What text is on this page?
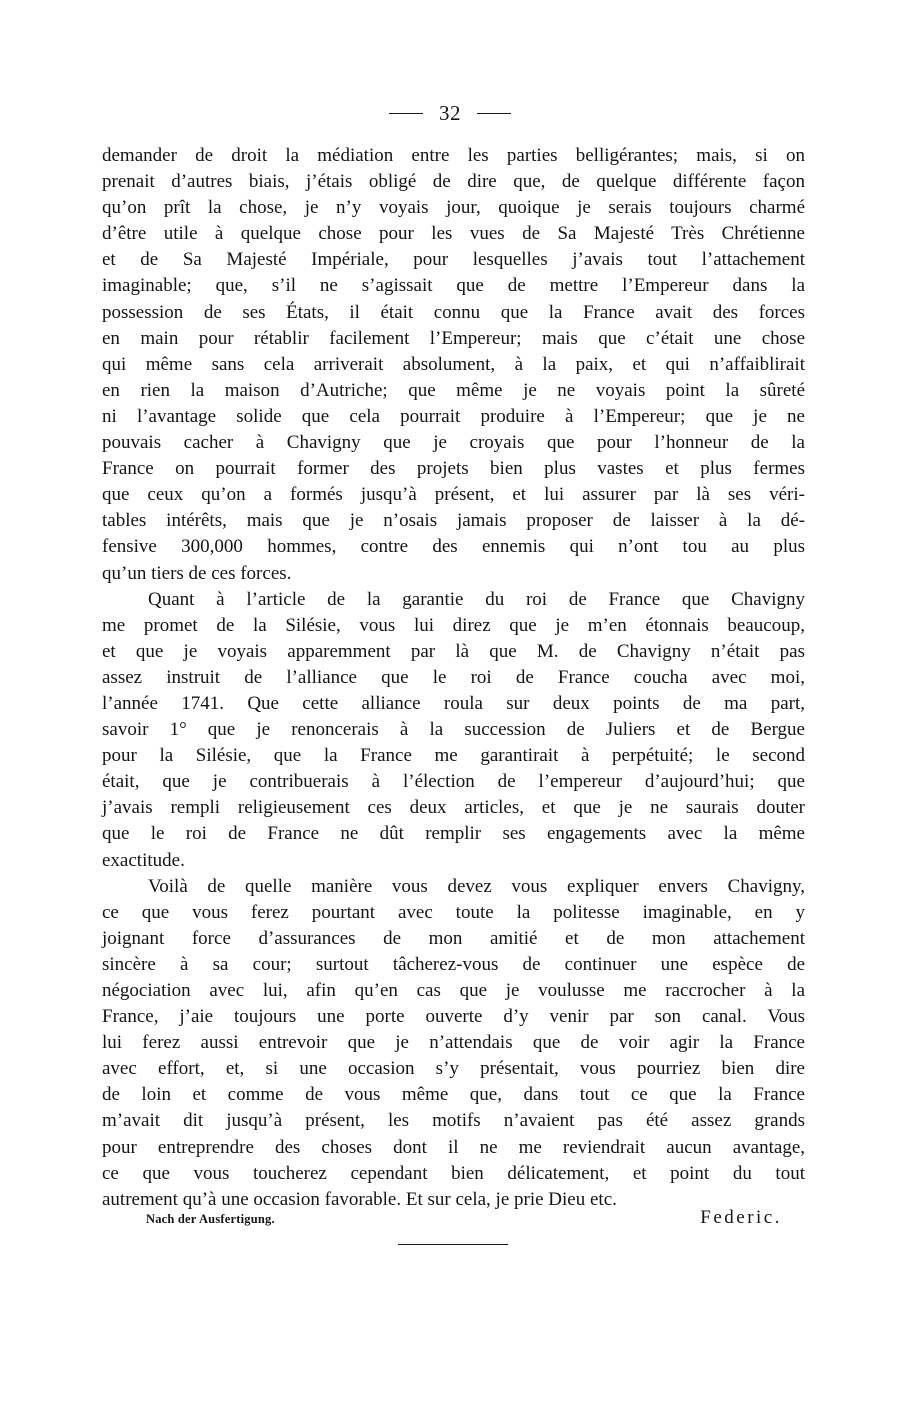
32
demander de droit la médiation entre les parties belligérantes; mais, si on
prenait d’autres biais, j’étais obligé de dire que, de quelque différente façon
qu’on prît la chose, je n’y voyais jour, quoique je serais toujours charmé
d’être utile à quelque chose pour les vues de Sa Majesté Très Chrétienne
et de Sa Majesté Impériale, pour lesquelles j’avais tout l’attachement
imaginable; que, s’il ne s’agissait que de mettre l’Empereur dans la
possession de ses États, il était connu que la France avait des forces
en main pour rétablir facilement l’Empereur; mais que c’était une chose
qui même sans cela arriverait absolument, à la paix, et qui n’affaiblirait
en rien la maison d’Autriche; que même je ne voyais point la sûreté
ni l’avantage solide que cela pourrait produire à l’Empereur; que je ne
pouvais cacher à Chavigny que je croyais que pour l’honneur de la
France on pourrait former des projets bien plus vastes et plus fermes
que ceux qu’on a formés jusqu’à présent, et lui assurer par là ses véri-
tables intérêts, mais que je n’osais jamais proposer de laisser à la dé-
fensive 300,000 hommes, contre des ennemis qui n’ont tou au plus
qu’un tiers de ces forces.
Quant à l’article de la garantie du roi de France que Chavigny
me promet de la Silésie, vous lui direz que je m’en étonnais beaucoup,
et que je voyais apparemment par là que M. de Chavigny n’était pas
assez instruit de l’alliance que le roi de France coucha avec moi,
l’année 1741. Que cette alliance roula sur deux points de ma part,
savoir 1° que je renoncerais à la succession de Juliers et de Bergue
pour la Silésie, que la France me garantirait à perpétuité; le second
était, que je contribuerais à l’élection de l’empereur d’aujourd’hui; que
j’avais rempli religieusement ces deux articles, et que je ne saurais douter
que le roi de France ne dût remplir ses engagements avec la même
exactitude.
Voilà de quelle manière vous devez vous expliquer envers Chavigny,
ce que vous ferez pourtant avec toute la politesse imaginable, en y
joignant force d’assurances de mon amitié et de mon attachement
sincère à sa cour; surtout tâcherez-vous de continuer une espèce de
négociation avec lui, afin qu’en cas que je voulusse me raccrocher à la
France, j’aie toujours une porte ouverte d’y venir par son canal. Vous
lui ferez aussi entrevoir que je n’attendais que de voir agir la France
avec effort, et, si une occasion s’y présentait, vous pourriez bien dire
de loin et comme de vous même que, dans tout ce que la France
m’avait dit jusqu’à présent, les motifs n’avaient pas été assez grands
pour entreprendre des choses dont il ne me reviendrait aucun avantage,
ce que vous toucherez cependant bien délicatement, et point du tout
autrement qu’à une occasion favorable. Et sur cela, je prie Dieu etc.
Nach der Ausfertigung.	Federic.
